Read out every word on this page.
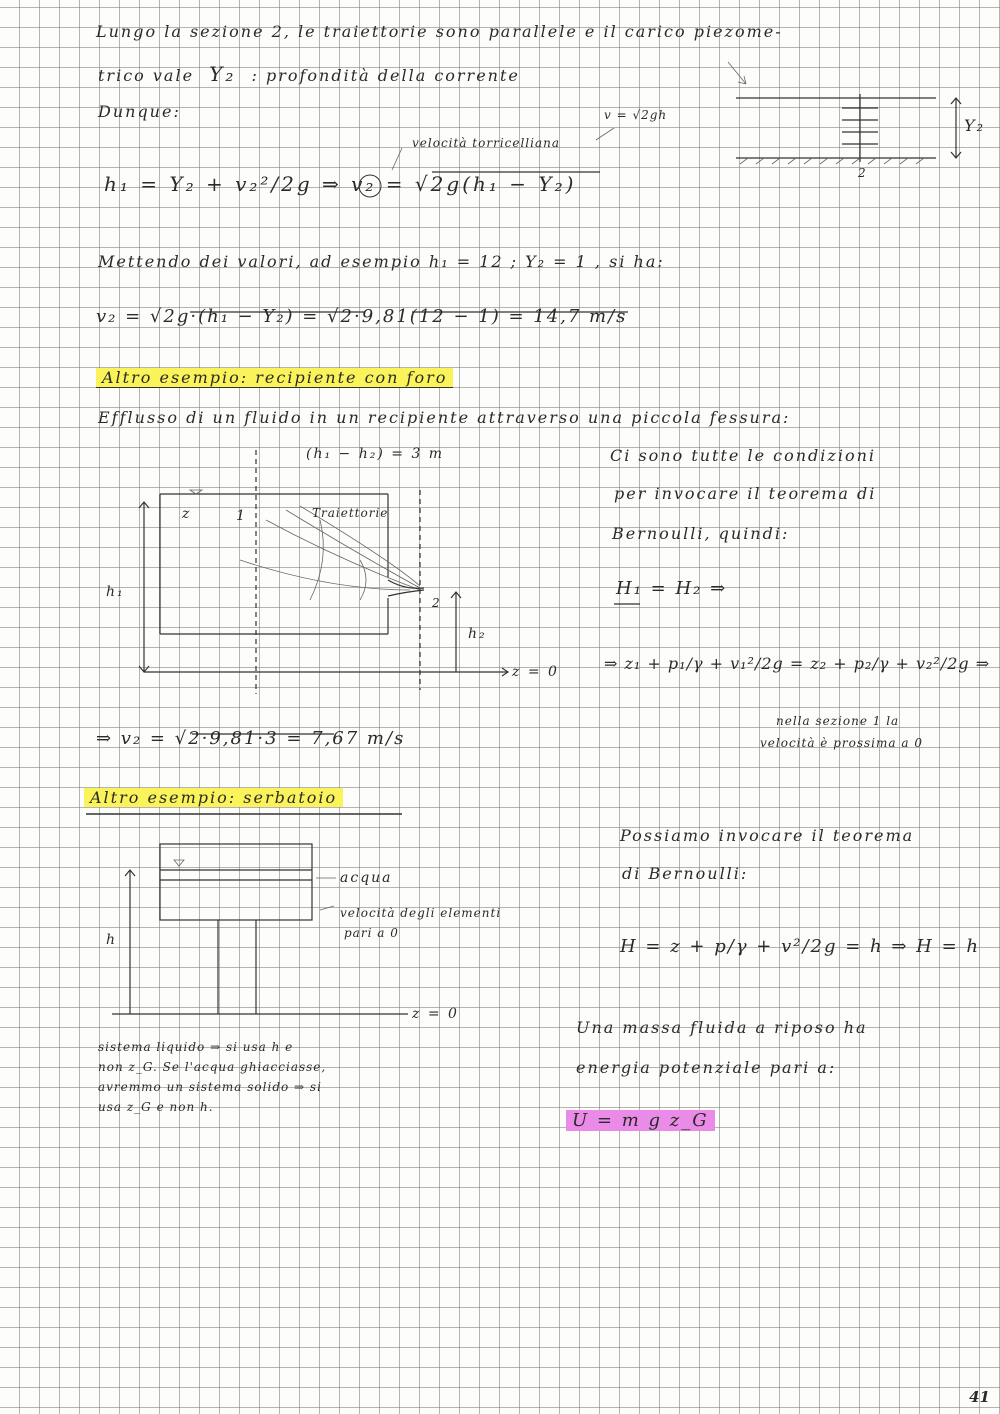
Lungo la sezione 2, le traiettorie sono parallele e il carico piezome-
trico vale Y₂ : profondità della corrente
Dunque:
velocità torricelliana
v = √2gh
h₁ = Y₂ + v₂²/2g ⇒ v₂ = √2g(h₁ − Y₂)
Mettendo dei valori, ad esempio h₁ = 12 ; Y₂ = 1 , si ha:
v₂ = √2g·(h₁ − Y₂) = √2·9,81(12 − 1) = 14,7 m/s
Y₂
2
Altro esempio: recipiente con foro
Efflusso di un fluido in un recipiente attraverso una piccola fessura:
(h₁ − h₂) = 3 m
z	1	Traiettorie
h₁
2
h₂
z = 0
Ci sono tutte le condizioni
per invocare il teorema di
Bernoulli, quindi:
H₁ = H₂ ⇒
⇒ z₁ + p₁/γ + v₁²/2g = z₂ + p₂/γ + v₂²/2g ⇒
nella sezione 1 la
velocità è prossima a 0
⇒ v₂ = √2·9,81·3 = 7,67 m/s
Altro esempio: serbatoio
acqua
velocità degli elementi
pari a 0
h
z = 0
Possiamo invocare il teorema
di Bernoulli:
H = z + p/γ + v²/2g = h ⇒ H = h
sistema liquido ⇒ si usa h e
non z_G. Se l'acqua ghiacciasse,
avremmo un sistema solido ⇒ si
usa z_G e non h.
Una massa fluida a riposo ha
energia potenziale pari a:
U = m g z_G
41
